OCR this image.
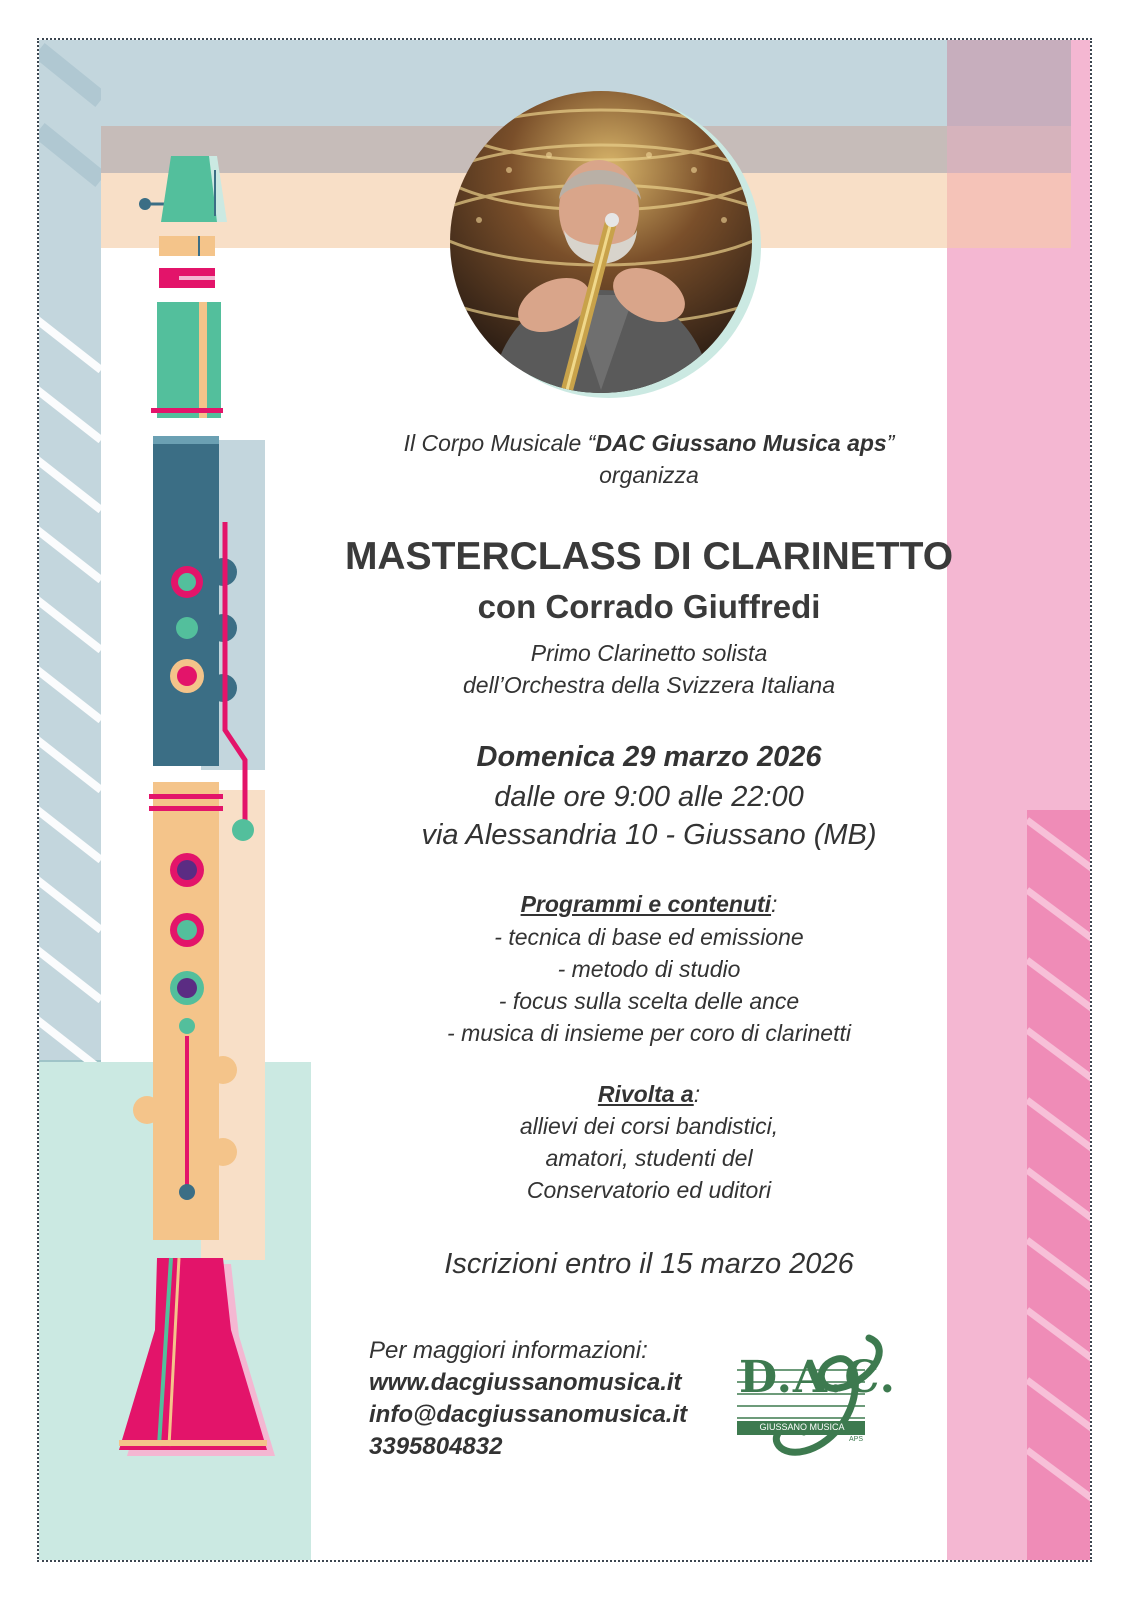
Il Corpo Musicale “DAC Giussano Musica aps”
organizza
MASTERCLASS DI CLARINETTO
con Corrado Giuffredi
Primo Clarinetto solista
dell’Orchestra della Svizzera Italiana
Domenica 29 marzo 2026
dalle ore 9:00 alle 22:00
via Alessandria 10 - Giussano (MB)
Programmi e contenuti:
- tecnica di base ed emissione
- metodo di studio
- focus sulla scelta delle ance
- musica di insieme per coro di clarinetti
Rivolta a:
allievi dei corsi bandistici,
amatori, studenti del
Conservatorio ed uditori
Iscrizioni entro il 15 marzo 2026
Per maggiori informazioni:
www.dacgiussanomusica.it
info@dacgiussanomusica.it
3395804832
D.A.C.
GIUSSANO MUSICA
APS
